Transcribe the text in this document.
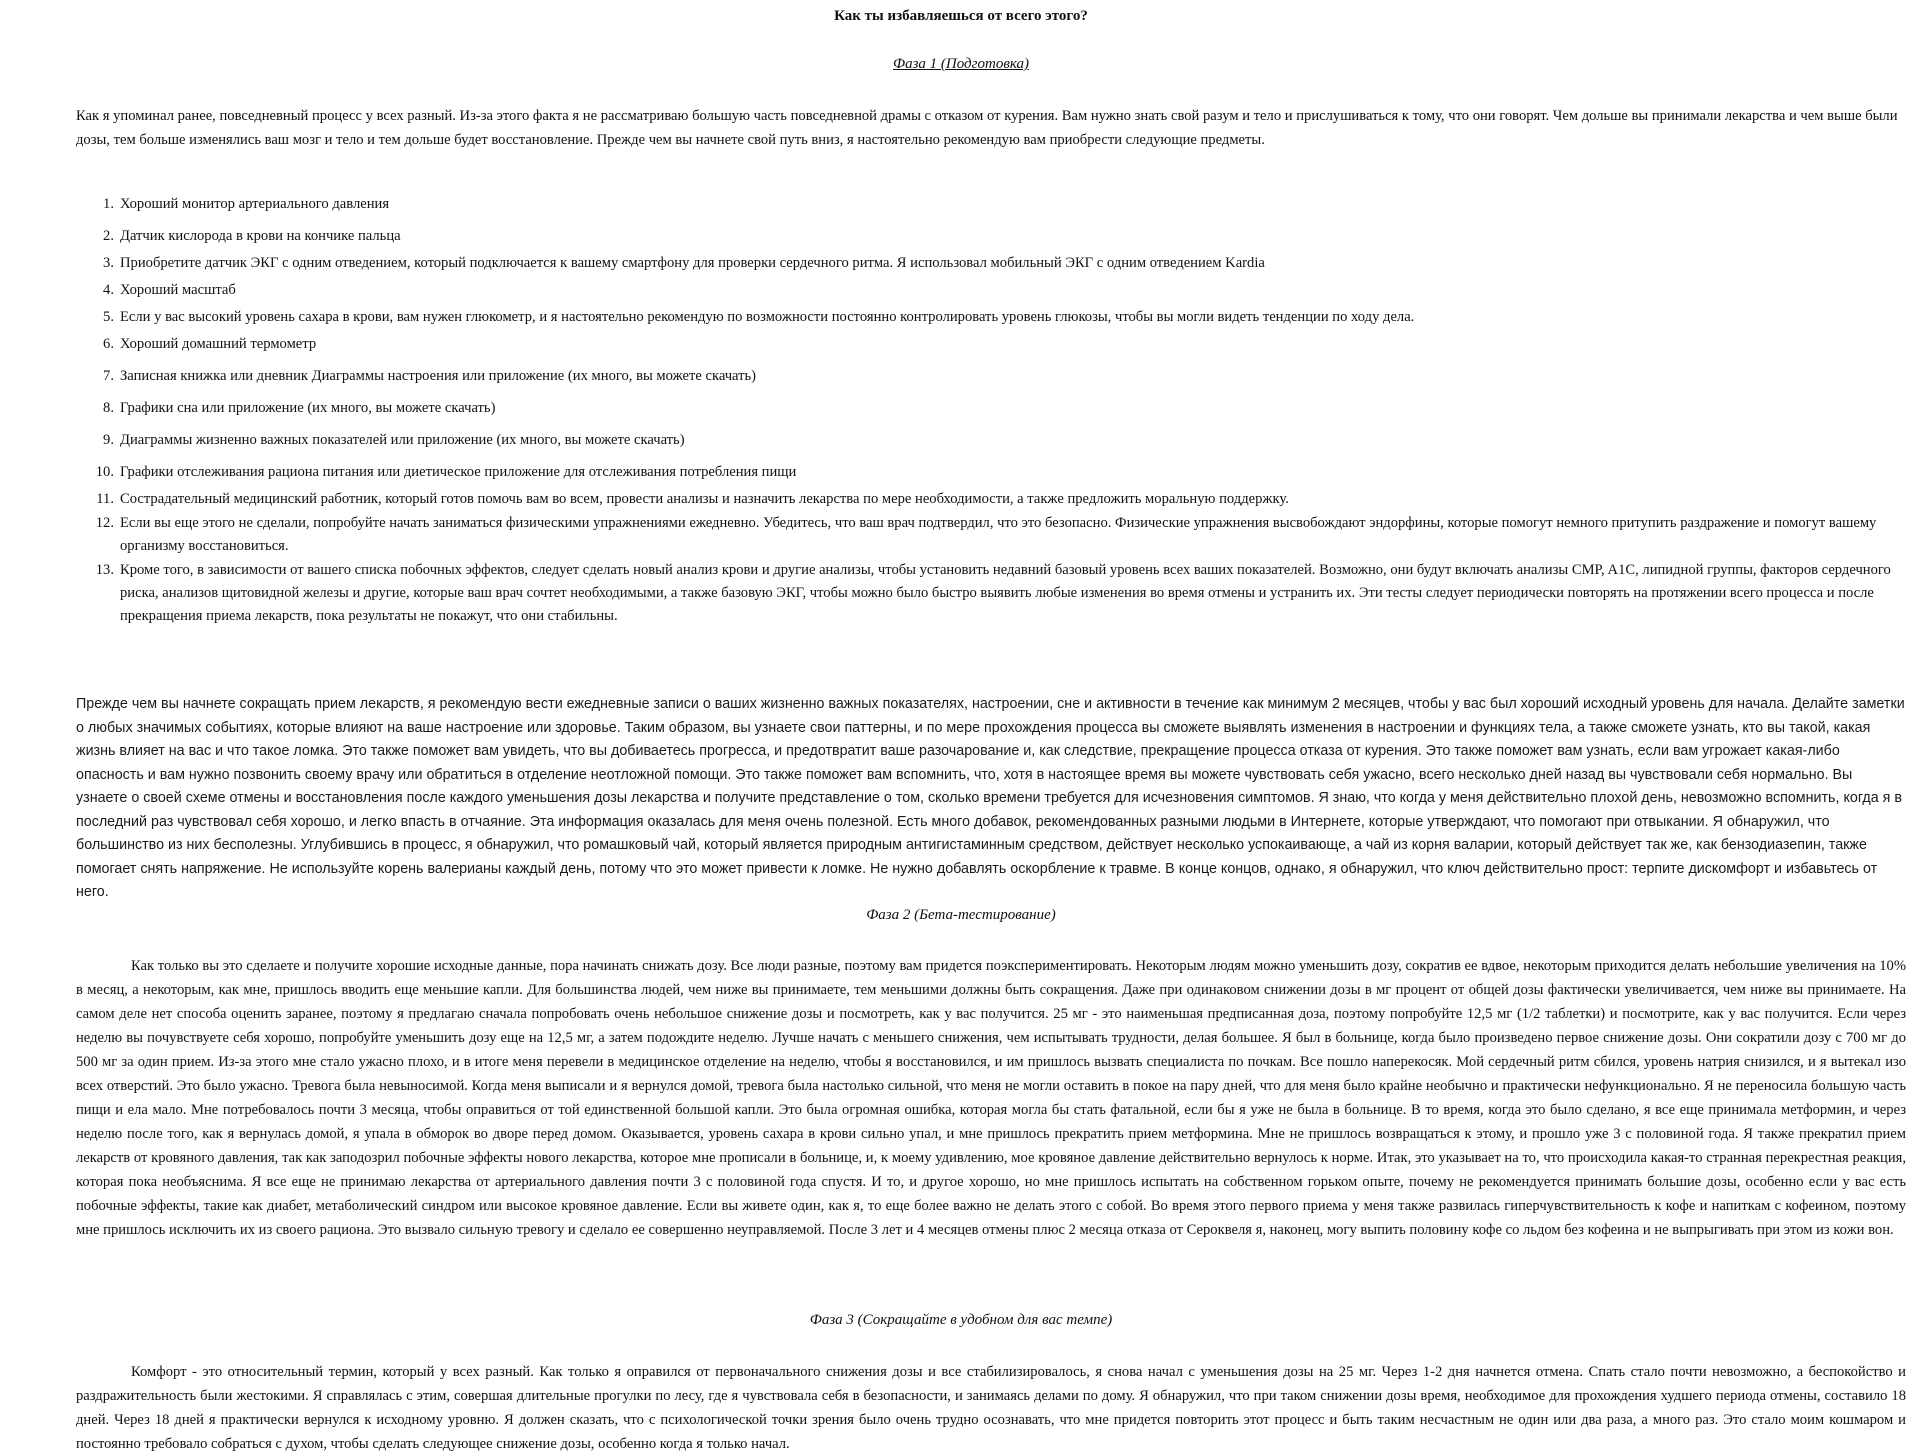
Как ты избавляешься от всего этого?
Фаза 1 (Подготовка)

Как я упоминал ранее, повседневный процесс у всех разный. Из-за этого факта я не рассматриваю большую часть повседневной драмы с отказом от курения. Вам нужно знать свой разум и тело и прислушиваться к тому, что они говорят. Чем дольше вы принимали лекарства и чем выше были дозы, тем больше изменялись ваш мозг и тело и тем дольше будет восстановление. Прежде чем вы начнете свой путь вниз, я настоятельно рекомендую вам приобрести следующие предметы.

1. Хороший монитор артериального давления
2. Датчик кислорода в крови на кончике пальца
3. Приобретите датчик ЭКГ с одним отведением, который подключается к вашему смартфону для проверки сердечного ритма. Я использовал мобильный ЭКГ с одним отведением Kardia
4. Хороший масштаб
5. Если у вас высокий уровень сахара в крови, вам нужен глюкометр, и я настоятельно рекомендую по возможности постоянно контролировать уровень глюкозы, чтобы вы могли видеть тенденции по ходу дела.
6. Хороший домашний термометр
7. Записная книжка или дневник Диаграммы настроения или приложение (их много, вы можете скачать)
8. Графики сна или приложение (их много, вы можете скачать)
9. Диаграммы жизненно важных показателей или приложение (их много, вы можете скачать)
10. Графики отслеживания рациона питания или диетическое приложение для отслеживания потребления пищи
11. Сострадательный медицинский работник, который готов помочь вам во всем, провести анализы и назначить лекарства по мере необходимости, а также предложить моральную поддержку.
12. Если вы еще этого не сделали, попробуйте начать заниматься физическими упражнениями ежедневно. Убедитесь, что ваш врач подтвердил, что это безопасно. Физические упражнения высвобождают эндорфины, которые помогут немного притупить раздражение и помогут вашему организму восстановиться.
13. Кроме того, в зависимости от вашего списка побочных эффектов, следует сделать новый анализ крови и другие анализы, чтобы установить недавний базовый уровень всех ваших показателей. Возможно, они будут включать анализы CMP, A1C, липидной группы, факторов сердечного риска, анализов щитовидной железы и другие, которые ваш врач сочтет необходимыми, а также базовую ЭКГ, чтобы можно было быстро выявить любые изменения во время отмены и устранить их. Эти тесты следует периодически повторять на протяжении всего процесса и после прекращения приема лекарств, пока результаты не покажут, что они стабильны.

Прежде чем вы начнете сокращать прием лекарств, я рекомендую вести ежедневные записи о ваших жизненно важных показателях, настроении, сне и активности в течение как минимум 2 месяцев, чтобы у вас был хороший исходный уровень для начала. Делайте заметки о любых значимых событиях, которые влияют на ваше настроение или здоровье. Таким образом, вы узнаете свои паттерны, и по мере прохождения процесса вы сможете выявлять изменения в настроении и функциях тела, а также сможете узнать, кто вы такой, какая жизнь влияет на вас и что такое ломка. Это также поможет вам увидеть, что вы добиваетесь прогресса, и предотвратит ваше разочарование и, как следствие, прекращение процесса отказа от курения. Это также поможет вам узнать, если вам угрожает какая-либо опасность и вам нужно позвонить своему врачу или обратиться в отделение неотложной помощи. Это также поможет вам вспомнить, что, хотя в настоящее время вы можете чувствовать себя ужасно, всего несколько дней назад вы чувствовали себя нормально. Вы узнаете о своей схеме отмены и восстановления после каждого уменьшения дозы лекарства и получите представление о том, сколько времени требуется для исчезновения симптомов. Я знаю, что когда у меня действительно плохой день, невозможно вспомнить, когда я в последний раз чувствовал себя хорошо, и легко впасть в отчаяние. Эта информация оказалась для меня очень полезной. Есть много добавок, рекомендованных разными людьми в Интернете, которые утверждают, что помогают при отвыкании. Я обнаружил, что большинство из них бесполезны. Углубившись в процесс, я обнаружил, что ромашковый чай, который является природным антигистаминным средством, действует несколько успокаивающе, а чай из корня валарии, который действует так же, как бензодиазепин, также помогает снять напряжение. Не используйте корень валерианы каждый день, потому что это может привести к ломке. Не нужно добавлять оскорбление к травме. В конце концов, однако, я обнаружил, что ключ действительно прост: терпите дискомфорт и избавьтесь от него.

Фаза 2 (Бета-тестирование)

Как только вы это сделаете и получите хорошие исходные данные, пора начинать снижать дозу. Все люди разные, поэтому вам придется поэкспериментировать. Некоторым людям можно уменьшить дозу, сократив ее вдвое, некоторым приходится делать небольшие увеличения на 10% в месяц, а некоторым, как мне, пришлось вводить еще меньшие капли. Для большинства людей, чем ниже вы принимаете, тем меньшими должны быть сокращения. Даже при одинаковом снижении дозы в мг процент от общей дозы фактически увеличивается, чем ниже вы принимаете. На самом деле нет способа оценить заранее, поэтому я предлагаю сначала попробовать очень небольшое снижение дозы и посмотреть, как у вас получится. 25 мг - это наименьшая предписанная доза, поэтому попробуйте 12,5 мг (1/2 таблетки) и посмотрите, как у вас получится. Если через неделю вы почувствуете себя хорошо, попробуйте уменьшить дозу еще на 12,5 мг, а затем подождите неделю. Лучше начать с меньшего снижения, чем испытывать трудности, делая большее. Я был в больнице, когда было произведено первое снижение дозы. Они сократили дозу с 700 мг до 500 мг за один прием. Из-за этого мне стало ужасно плохо, и в итоге меня перевели в медицинское отделение на неделю, чтобы я восстановился, и им пришлось вызвать специалиста по почкам. Все пошло наперекосяк. Мой сердечный ритм сбился, уровень натрия снизился, и я вытекал изо всех отверстий. Это было ужасно. Тревога была невыносимой. Когда меня выписали и я вернулся домой, тревога была настолько сильной, что меня не могли оставить в покое на пару дней, что для меня было крайне необычно и практически нефункционально. Я не переносила большую часть пищи и ела мало. Мне потребовалось почти 3 месяца, чтобы оправиться от той единственной большой капли. Это была огромная ошибка, которая могла бы стать фатальной, если бы я уже не была в больнице. В то время, когда это было сделано, я все еще принимала метформин, и через неделю после того, как я вернулась домой, я упала в обморок во дворе перед домом. Оказывается, уровень сахара в крови сильно упал, и мне пришлось прекратить прием метформина. Мне не пришлось возвращаться к этому, и прошло уже 3 с половиной года. Я также прекратил прием лекарств от кровяного давления, так как заподозрил побочные эффекты нового лекарства, которое мне прописали в больнице, и, к моему удивлению, мое кровяное давление действительно вернулось к норме. Итак, это указывает на то, что происходила какая-то странная перекрестная реакция, которая пока необъяснима. Я все еще не принимаю лекарства от артериального давления почти 3 с половиной года спустя. И то, и другое хорошо, но мне пришлось испытать на собственном горьком опыте, почему не рекомендуется принимать большие дозы, особенно если у вас есть побочные эффекты, такие как диабет, метаболический синдром или высокое кровяное давление. Если вы живете один, как я, то еще более важно не делать этого с собой. Во время этого первого приема у меня также развилась гиперчувствительность к кофе и напиткам с кофеином, поэтому мне пришлось исключить их из своего рациона. Это вызвало сильную тревогу и сделало ее совершенно неуправляемой. После 3 лет и 4 месяцев отмены плюс 2 месяца отказа от Сероквеля я, наконец, могу выпить половину кофе со льдом без кофеина и не выпрыгивать при этом из кожи вон.

Фаза 3 (Сокращайте в удобном для вас темпе)

Комфорт - это относительный термин, который у всех разный. Как только я оправился от первоначального снижения дозы и все стабилизировалось, я снова начал с уменьшения дозы на 25 мг. Через 1-2 дня начнется отмена. Спать стало почти невозможно, а беспокойство и раздражительность были жестокими. Я справлялась с этим, совершая длительные прогулки по лесу, где я чувствовала себя в безопасности, и занимаясь делами по дому. Я обнаружил, что при таком снижении дозы время, необходимое для прохождения худшего периода отмены, составило 18 дней. Через 18 дней я практически вернулся к исходному уровню. Я должен сказать, что с психологической точки зрения было очень трудно осознавать, что мне придется повторить этот процесс и быть таким несчастным не один или два раза, а много раз. Это стало моим кошмаром и постоянно требовало собраться с духом, чтобы сделать следующее снижение дозы, особенно когда я только начал.
